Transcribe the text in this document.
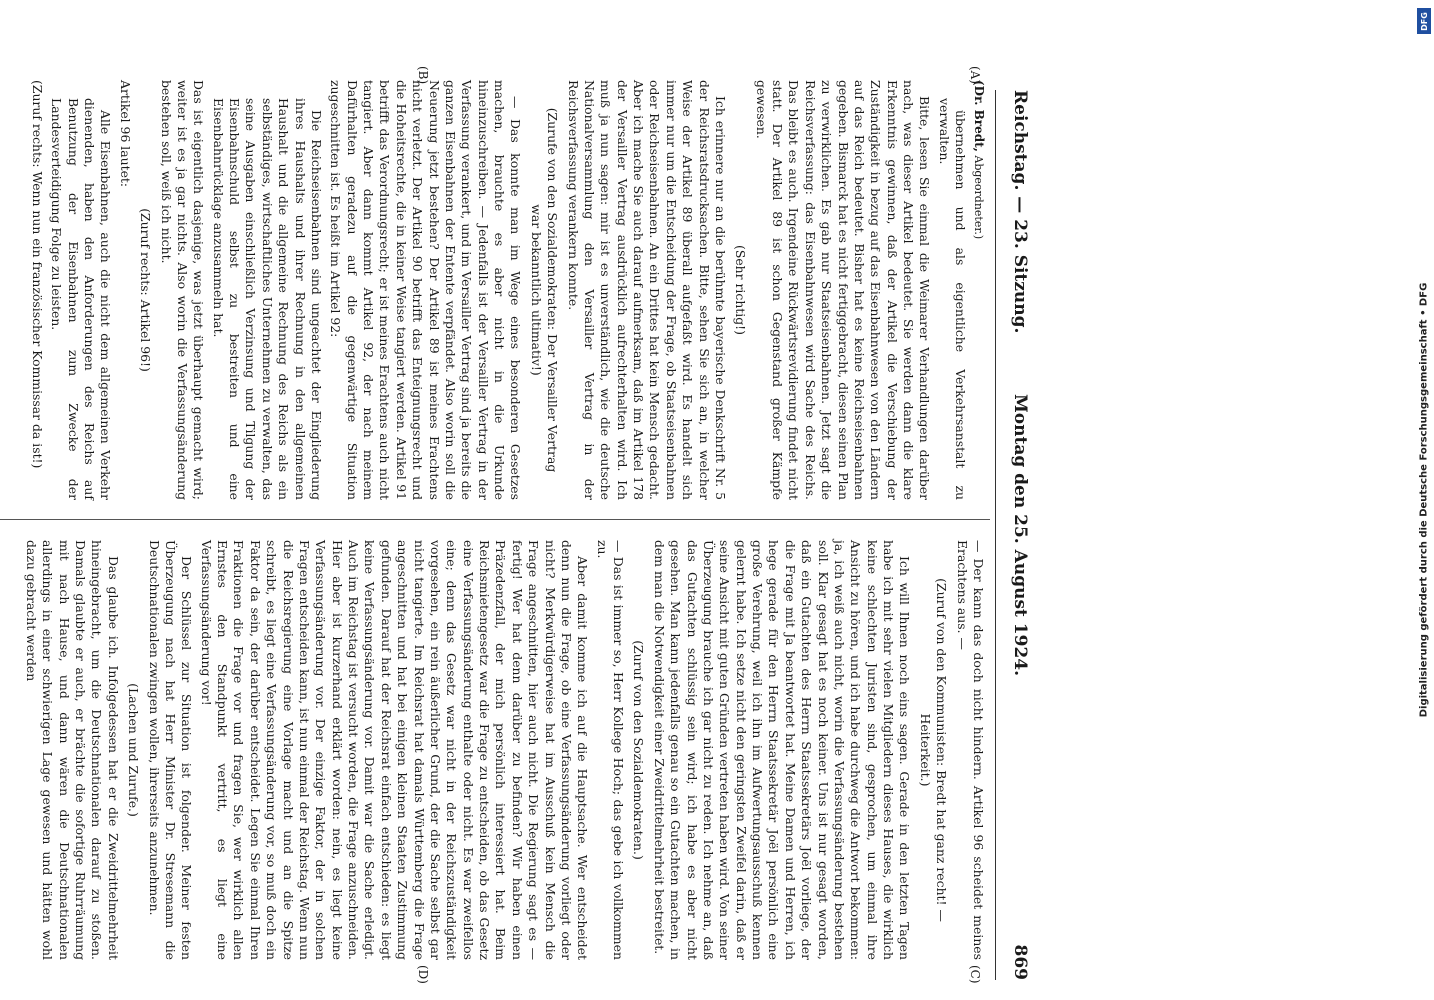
Reichstag. — 23. Sitzung.
Montag den 25. August 1924.
869
(A)
(B)
(C)
(D)
(Dr. Bredt, Abgeordneter.)

übernehmen und als eigentliche Verkehrsanstalt zu verwalten.

Bitte, lesen Sie einmal die Weimarer Verhandlungen darüber nach, was dieser Artikel bedeutet. Sie werden dann die klare Erkenntnis gewinnen, daß der Artikel die Verschiebung der Zuständigkeit in bezug auf das Eisenbahnwesen von den Ländern auf das Reich bedeutet. Bisher hat es keine Reichseisenbahnen gegeben. Bismarck hat es nicht fertiggebracht, diesen seinen Plan zu verwirklichen. Es gab nur Staatseisenbahnen. Jetzt sagt die Reichsverfassung: das Eisenbahnwesen wird Sache des Reichs. Das bleibt es auch. Irgendeine Rückwärtsrevidierung findet nicht statt. Der Artikel 89 ist schon Gegenstand großer Kämpfe gewesen.

(Sehr richtig!)

Ich erinnere nur an die berühmte bayerische Denkschrift Nr. 5 der Reichsratsdrucksachen. Bitte, sehen Sie sich an, in welcher Weise der Artikel 89 überall aufgefaßt wird. Es handelt sich immer nur um die Entscheidung der Frage, ob Staatseisenbahnen oder Reichseisenbahnen. An ein Drittes hat kein Mensch gedacht. Aber ich mache Sie auch darauf aufmerksam, daß im Artikel 178 der Versailler Vertrag ausdrücklich aufrechterhalten wird. Ich muß ja nun sagen: mir ist es unverständlich, wie die deutsche Nationalversammlung den Versailler Vertrag in der Reichsverfassung verankern konnte.

(Zurufe von den Sozialdemokraten: Der Versailler Vertrag war bekanntlich ultimativ!)

— Das konnte man im Wege eines besonderen Gesetzes machen, brauchte es aber nicht in die Urkunde hineinzuschreiben. — Jedenfalls ist der Versailler Vertrag in der Verfassung verankert, und im Versailler Vertrag sind ja bereits die ganzen Eisenbahnen der Entente verpfändet. Also worin soll die Neuerung jetzt bestehen? Der Artikel 89 ist meines Erachtens nicht verletzt. Der Artikel 90 betrifft das Enteignungsrecht und die Hoheitsrechte, die in keiner Weise tangiert werden. Artikel 91 betrifft das Verordnungsrecht; er ist meines Erachtens auch nicht tangiert. Aber dann kommt Artikel 92, der nach meinem Dafürhalten geradezu auf die gegenwärtige Situation zugeschnitten ist. Es heißt im Artikel 92:

Die Reichseisenbahnen sind ungeachtet der Eingliederung ihres Haushalts und ihrer Rechnung in den allgemeinen Haushalt und die allgemeine Rechnung des Reichs als ein selbständiges, wirtschaftliches Unternehmen zu verwalten, das seine Ausgaben einschließlich Verzinsung und Tilgung der Eisenbahnschuld selbst zu bestreiten und eine Eisenbahnrücklage anzusammeln hat.

Das ist eigentlich dasjenige, was jetzt überhaupt gemacht wird; weiter ist es ja gar nichts. Also worin die Verfassungsänderung bestehen soll, weiß ich nicht.

(Zuruf rechts: Artikel 96!)

Artikel 96 lautet:

Alle Eisenbahnen, auch die nicht dem allgemeinen Verkehr dienenden, haben den Anforderungen des Reichs auf Benutzung der Eisenbahnen zum Zwecke der Landesverteidigung Folge zu leisten.

(Zuruf rechts: Wenn nun ein französischer Kommissar da ist!)

— Der kann das doch nicht hindern. Artikel 96 scheidet meines Erachtens aus. —

(Zuruf von den Kommunisten: Bredt hat ganz recht! — Heiterkeit.)

Ich will Ihnen noch eins sagen. Gerade in den letzten Tagen habe ich mit sehr vielen Mitgliedern dieses Hauses, die wirklich keine schlechten Juristen sind, gesprochen, um einmal ihre Ansicht zu hören, und ich habe durchweg die Antwort bekommen: ja, ich weiß auch nicht, worin die Verfassungsänderung bestehen soll. Klar gesagt hat es noch keiner. Uns ist nur gesagt worden, daß ein Gutachten des Herrn Staatssekretärs Joël vorliege, der die Frage mit Ja beantwortet hat. Meine Damen und Herren, ich hege gerade für den Herrn Staatssekretär Joël persönlich eine große Verehrung, weil ich ihn im Aufwertungsausschuß kennen gelernt habe. Ich setze nicht den geringsten Zweifel darin, daß er seine Ansicht mit guten Gründen vertreten haben wird. Von seiner Überzeugung brauche ich gar nicht zu reden. Ich nehme an, daß das Gutachten schlüssig sein wird; ich habe es aber nicht gesehen. Man kann jedenfalls genau so ein Gutachten machen, in dem man die Notwendigkeit einer Zweidrittelmehrheit bestreitet.

(Zuruf von den Sozialdemokraten.)

— Das ist immer so, Herr Kollege Hoch; das gebe ich vollkommen zu.

Aber damit komme ich auf die Hauptsache. Wer entscheidet denn nun die Frage, ob eine Verfassungsänderung vorliegt oder nicht? Merkwürdigerweise hat im Ausschuß kein Mensch die Frage angeschnitten, hier auch nicht. Die Regierung sagt es — fertig! Wer hat denn darüber zu befinden? Wir haben einen Präzedenzfall, der mich persönlich interessiert hat. Beim Reichsmietengesetz war die Frage zu entscheiden, ob das Gesetz eine Verfassungsänderung enthalte oder nicht. Es war zweifellos eine; denn das Gesetz war nicht in der Reichszuständigkeit vorgesehen, ein rein äußerlicher Grund, der die Sache selbst gar nicht tangierte. Im Reichsrat hat damals Württemberg die Frage angeschnitten und hat bei einigen kleinen Staaten Zustimmung gefunden. Darauf hat der Reichsrat einfach entschieden: es liegt keine Verfassungsänderung vor. Damit war die Sache erledigt. Auch im Reichstag ist versucht worden, die Frage anzuschneiden. Hier aber ist kurzerhand erklärt worden: nein, es liegt keine Verfassungsänderung vor. Der einzige Faktor, der in solchen Fragen entscheiden kann, ist nun einmal der Reichstag. Wenn nun die Reichsregierung eine Vorlage macht und an die Spitze schreibt, es liegt eine Verfassungsänderung vor, so muß doch ein Faktor da sein, der darüber entscheidet. Legen Sie einmal Ihren Fraktionen die Frage vor und fragen Sie, wer wirklich allen Ernstes den Standpunkt vertritt, es liegt eine Verfassungsänderung vor!

Der Schlüssel zur Situation ist folgender. Meiner festen Überzeugung nach hat Herr Minister Dr. Stresemann die Deutschnationalen zwingen wollen, ihrerseits anzunehmen.

(Lachen und Zurufe.)

Das glaube ich. Infolgedessen hat er die Zweidrittelmehrheit hineingebracht, um die Deutschnationalen darauf zu stoßen. Damals glaubte er auch, er brächte die sofortige Ruhrräumung mit nach Hause, und dann wären die Deutschnationalen allerdings in einer schwierigen Lage gewesen und hätten wohl dazu gebracht werden

DFG
Digitalisierung gefördert durch die Deutsche Forschungsgemeinschaft • DFG
